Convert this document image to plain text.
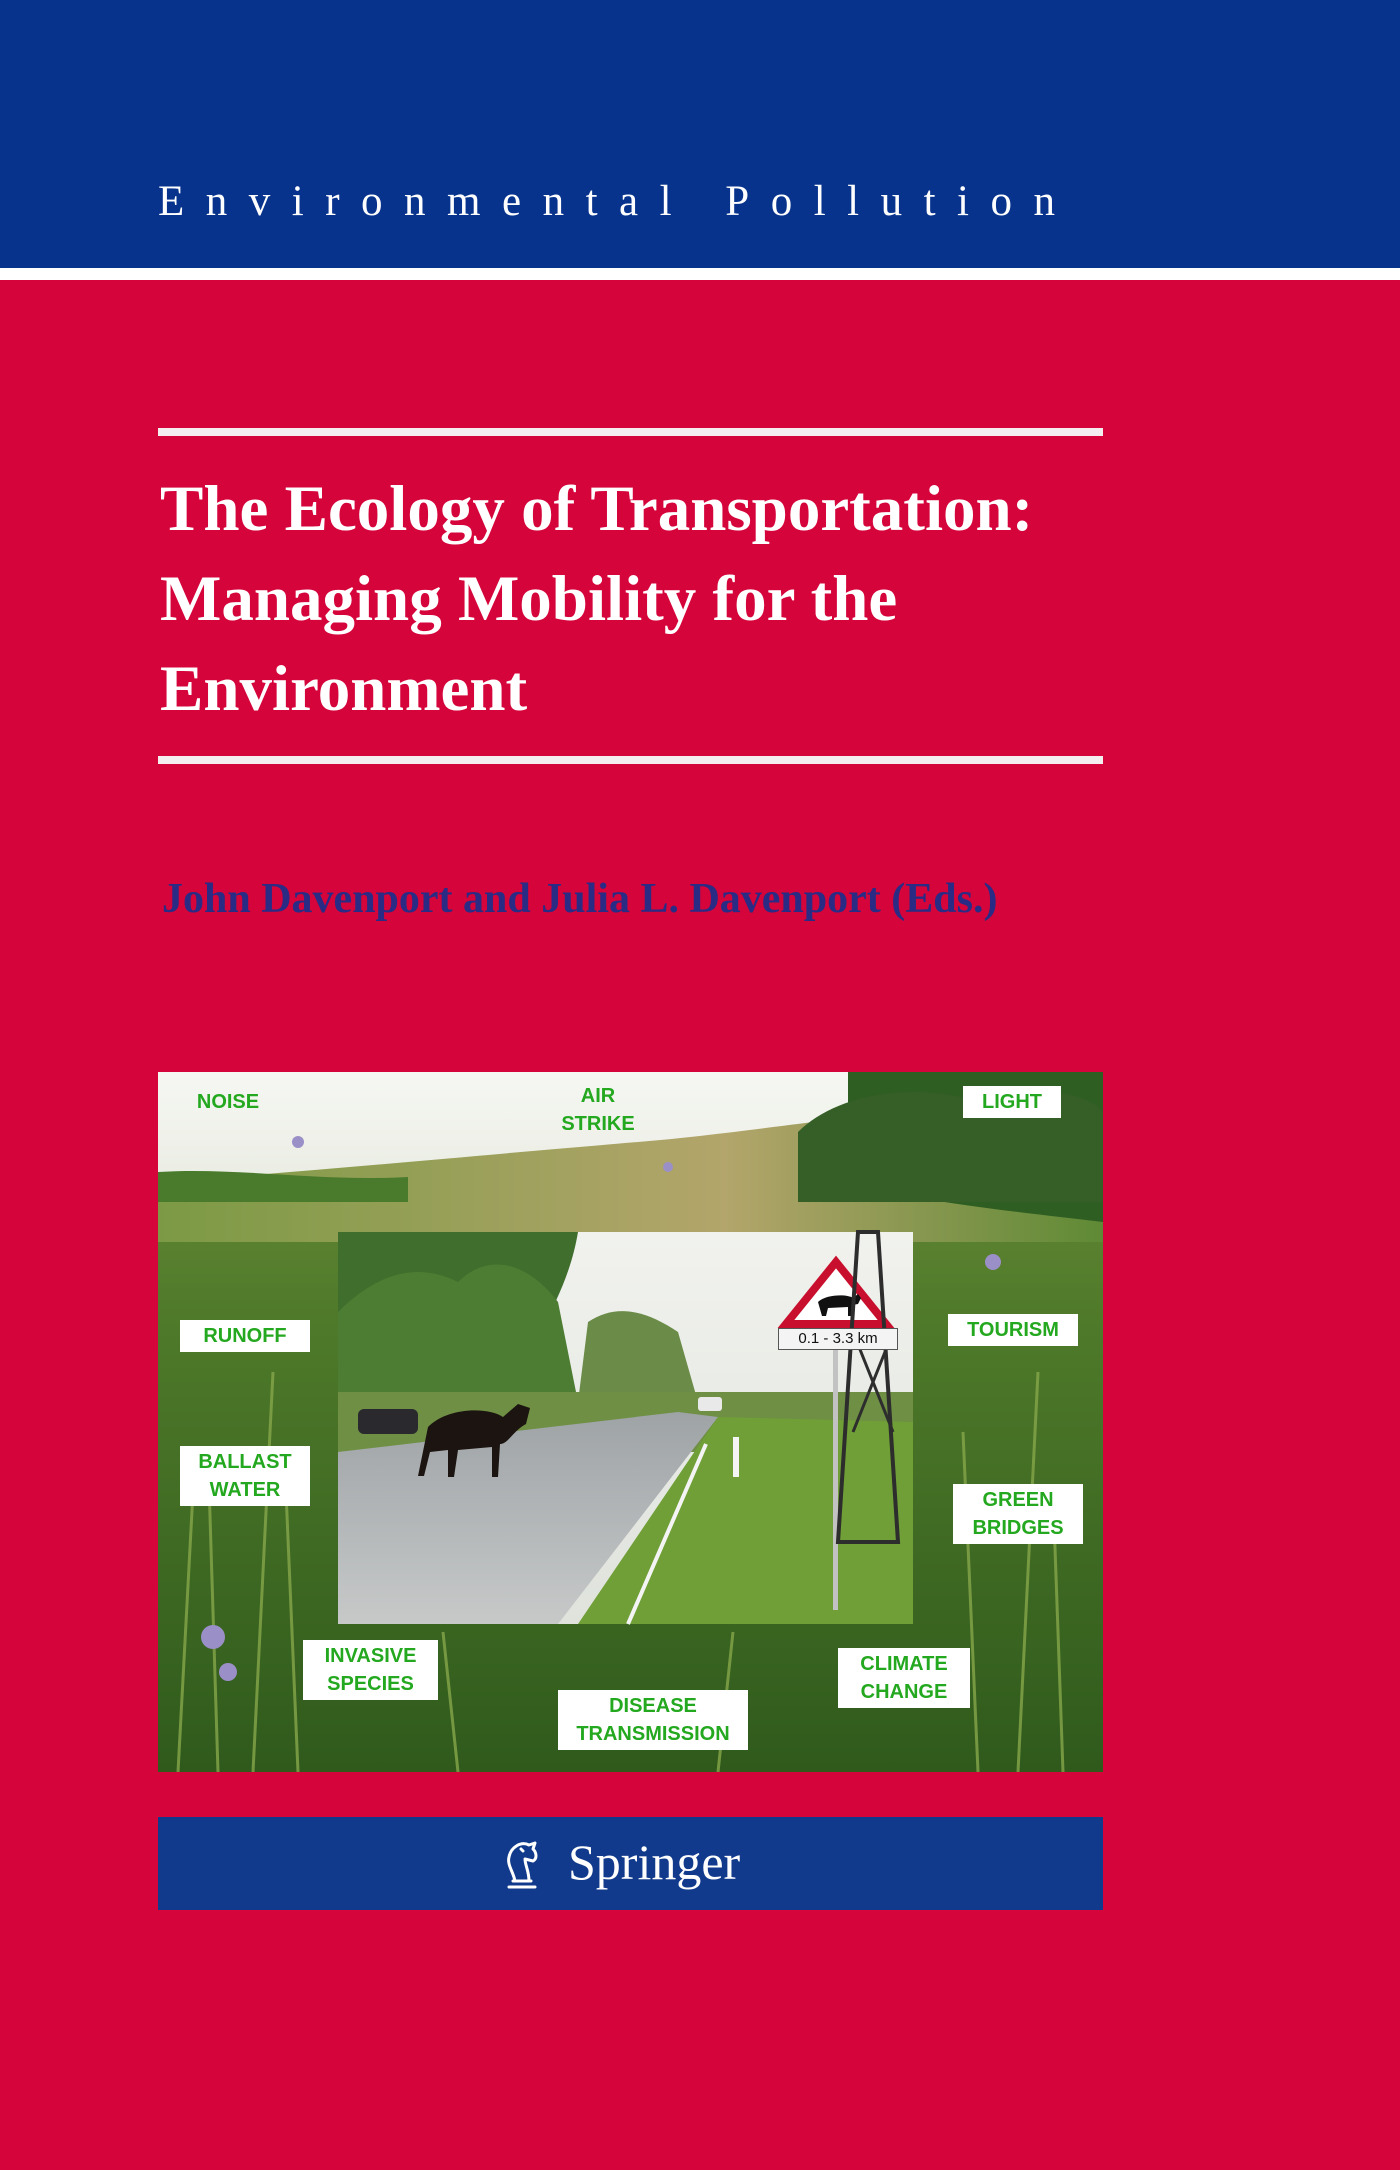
Environmental Pollution
The Ecology of Transportation:
Managing Mobility for the
Environment
John Davenport and Julia L. Davenport (Eds.)
0.1 - 3.3 km
NOISE	AIR
STRIKE
LIGHT
RUNOFF	TOURISM
BALLAST
WATER	GREEN
BRIDGES
INVASIVE
SPECIES
DISEASE
TRANSMISSION
CLIMATE
CHANGE
Springer
